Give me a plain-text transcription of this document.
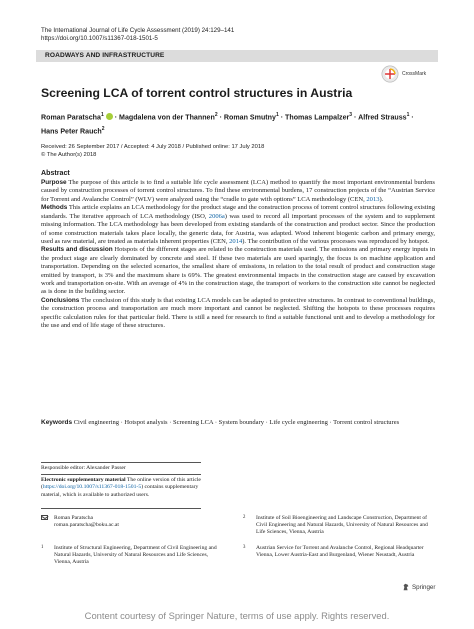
The International Journal of Life Cycle Assessment (2019) 24:129–141
https://doi.org/10.1007/s11367-018-1501-5
ROADWAYS AND INFRASTRUCTURE
CrossMark
Screening LCA of torrent control structures in Austria
Roman Paratscha$^1$ · Magdalena von der Thannen$^2$ · Roman Smutny$^1$ · Thomas Lampalzer$^3$ · Alfred Strauss$^1$ ·
Hans Peter Rauch$^2$
Received: 26 September 2017 / Accepted: 4 July 2018 / Published online: 17 July 2018
© The Author(s) 2018
Abstract

Purpose The purpose of this article is to find a suitable life cycle assessment (LCA) method to quantify the most important environmental burdens caused by construction processes of torrent control structures. To find these environmental burdens, 17 construction projects of the “Austrian Service for Torrent and Avalanche Control” (WLV) were analyzed using the “cradle to gate with options” LCA methodology (CEN, 2013).

Methods This article explains an LCA methodology for the product stage and the construction process of torrent control structures following existing standards. The iterative approach of LCA methodology (ISO, 2006a) was used to record all important processes of the system and to supplement missing information. The LCA methodology has been developed from existing standards of the construction and product sector. Since the production of some construction materials takes place locally, the generic data, for Austria, was adapted. Wood inherent biogenic carbon and primary energy, used as raw material, are treated as materials inherent properties (CEN, 2014). The contribution of the various processes was reproduced by hotspot.

Results and discussion Hotspots of the different stages are related to the construction materials used. The emissions and primary energy inputs in the product stage are clearly dominated by concrete and steel. If these two materials are used sparingly, the focus is on machine application and transportation. Depending on the selected scenarios, the smallest share of emissions, in relation to the total result of product and construction stage emitted by transport, is 3% and the maximum share is 69%. The greatest environmental impacts in the construction stage are caused by excavation work and transportation on-site. With an average of 4% in the construction stage, the transport of workers to the construction site cannot be neglected as is done in the building sector.

Conclusions The conclusion of this study is that existing LCA models can be adapted to protective structures. In contrast to conventional buildings, the construction process and transportation are much more important and cannot be neglected. Shifting the hotspots to these processes requires specific calculation rules for that particular field. There is still a need for research to find a suitable functional unit and to develop a methodology for the use and end of life stage of these structures.

Keywords Civil engineering · Hotspot analysis · Screening LCA · System boundary · Life cycle engineering · Torrent control structures
Responsible editor: Alexander Passer
Electronic supplementary material The online version of this article (https://doi.org/10.1007/s11367-018-1501-5) contains supplementary material, which is available to authorized users.
Roman Paratscha
roman.paratscha@boku.ac.at
1 Institute of Structural Engineering, Department of Civil Engineering and Natural Hazards, University of Natural Resources and Life Sciences, Vienna, Austria
2 Institute of Soil Bioengineering and Landscape Construction, Department of Civil Engineering and Natural Hazards, University of Natural Resources and Life Sciences, Vienna, Austria
3 Austrian Service for Torrent and Avalanche Control, Regional Headquarter Vienna, Lower Austria-East and Burgenland, Wiener Neustadt, Austria
Springer
Content courtesy of Springer Nature, terms of use apply. Rights reserved.
